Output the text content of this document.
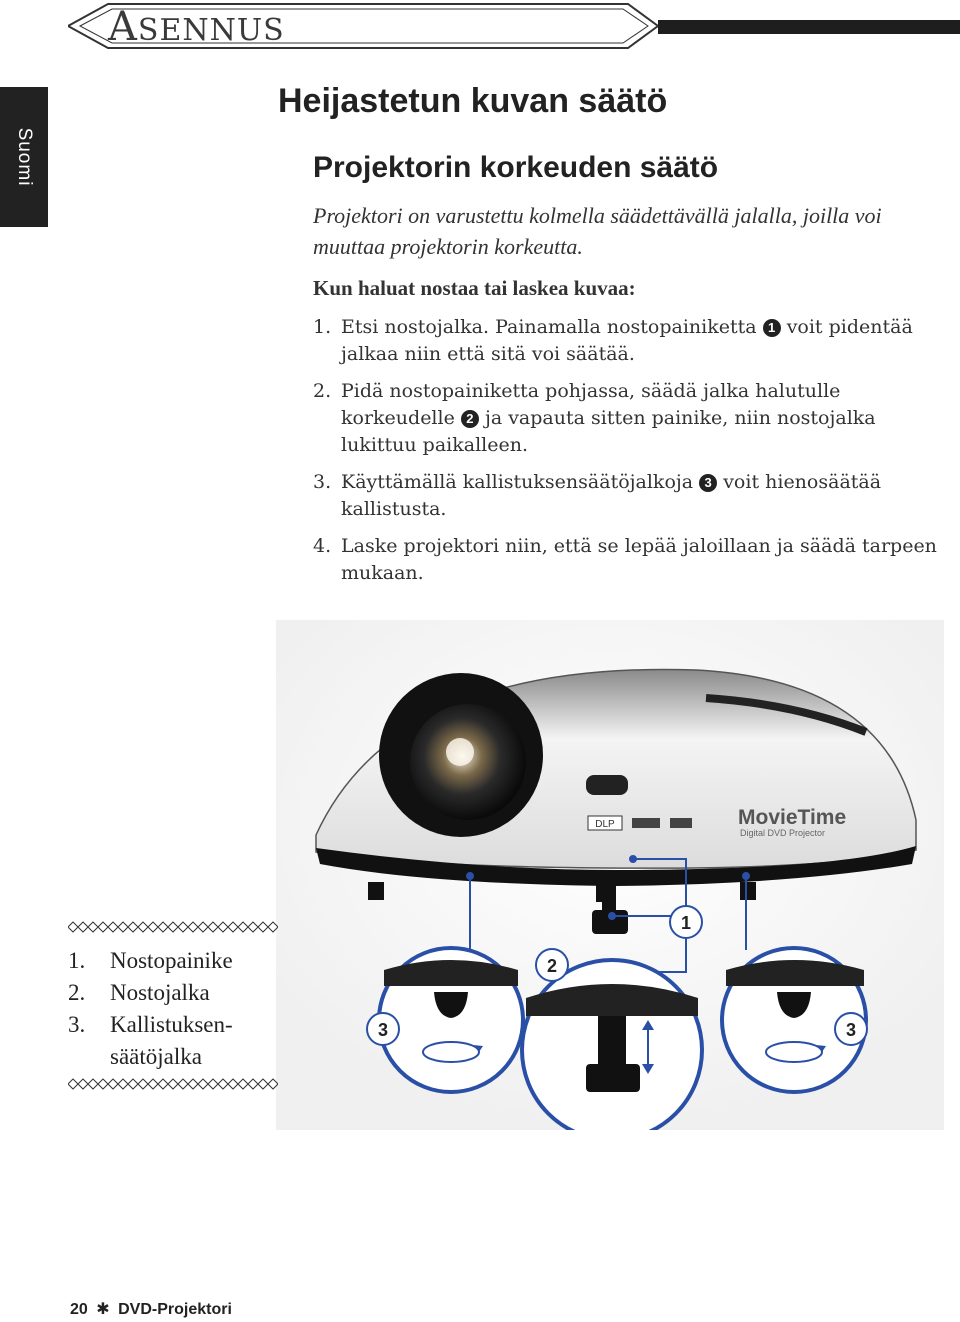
ASENNUS
Suomi
Heijastetun kuvan säätö
Projektorin korkeuden säätö

Projektori on varustettu kolmella säädettävällä jalalla, joilla voi muuttaa projektorin korkeutta.

Kun haluat nostaa tai laskea kuvaa:

1. Etsi nostojalka. Painamalla nostopainiketta 1 voit pidentää jalkaa niin että sitä voi säätää.
2. Pidä nostopainiketta pohjassa, säädä jalka halutulle korkeudelle 2 ja vapauta sitten painike, niin nostojalka lukittuu paikalleen.
3. Käyttämällä kallistuksensäätöjalkoja 3 voit hienosäätää kallistusta.
4. Laske projektori niin, että se lepää jaloillaan ja säädä tarpeen mukaan.
DLP	MovieTime
Digital DVD Projector
1
2
3	3
1. Nostopainike
2. Nostojalka
3. Kallistuksen-
säätöjalka
20 ✱ DVD-Projektori
